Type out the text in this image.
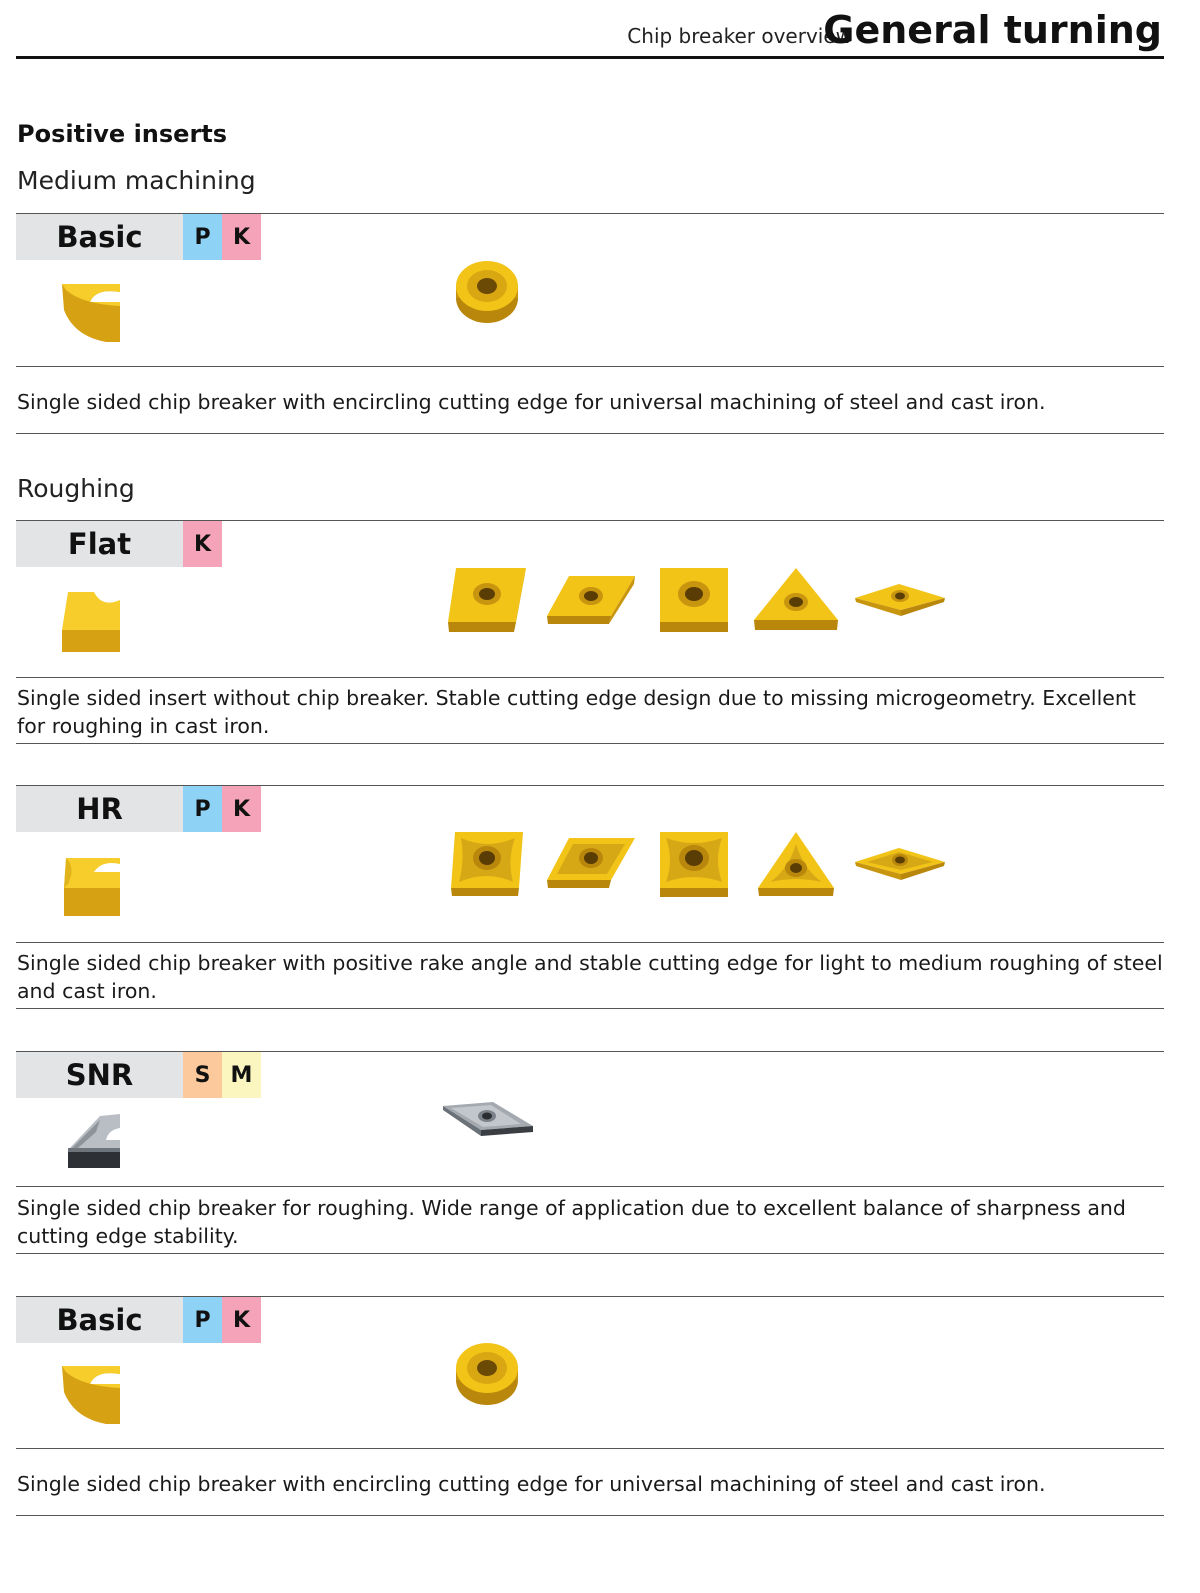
Chip breaker overview
General turning
Positive inserts
Medium machining
Basic	P	K
Single sided chip breaker with encircling cutting edge for universal machining of steel and cast iron.
Roughing
Flat	K
Single sided insert without chip breaker. Stable cutting edge design due to missing microgeometry. Excellent for roughing in cast iron.
HR	P	K
Single sided chip breaker with positive rake angle and stable cutting edge for light to medium roughing of steel and cast iron.
SNR	S M
Single sided chip breaker for roughing. Wide range of application due to excellent balance of sharpness and cutting edge stability.
Basic	P	K
Single sided chip breaker with encircling cutting edge for universal machining of steel and cast iron.
